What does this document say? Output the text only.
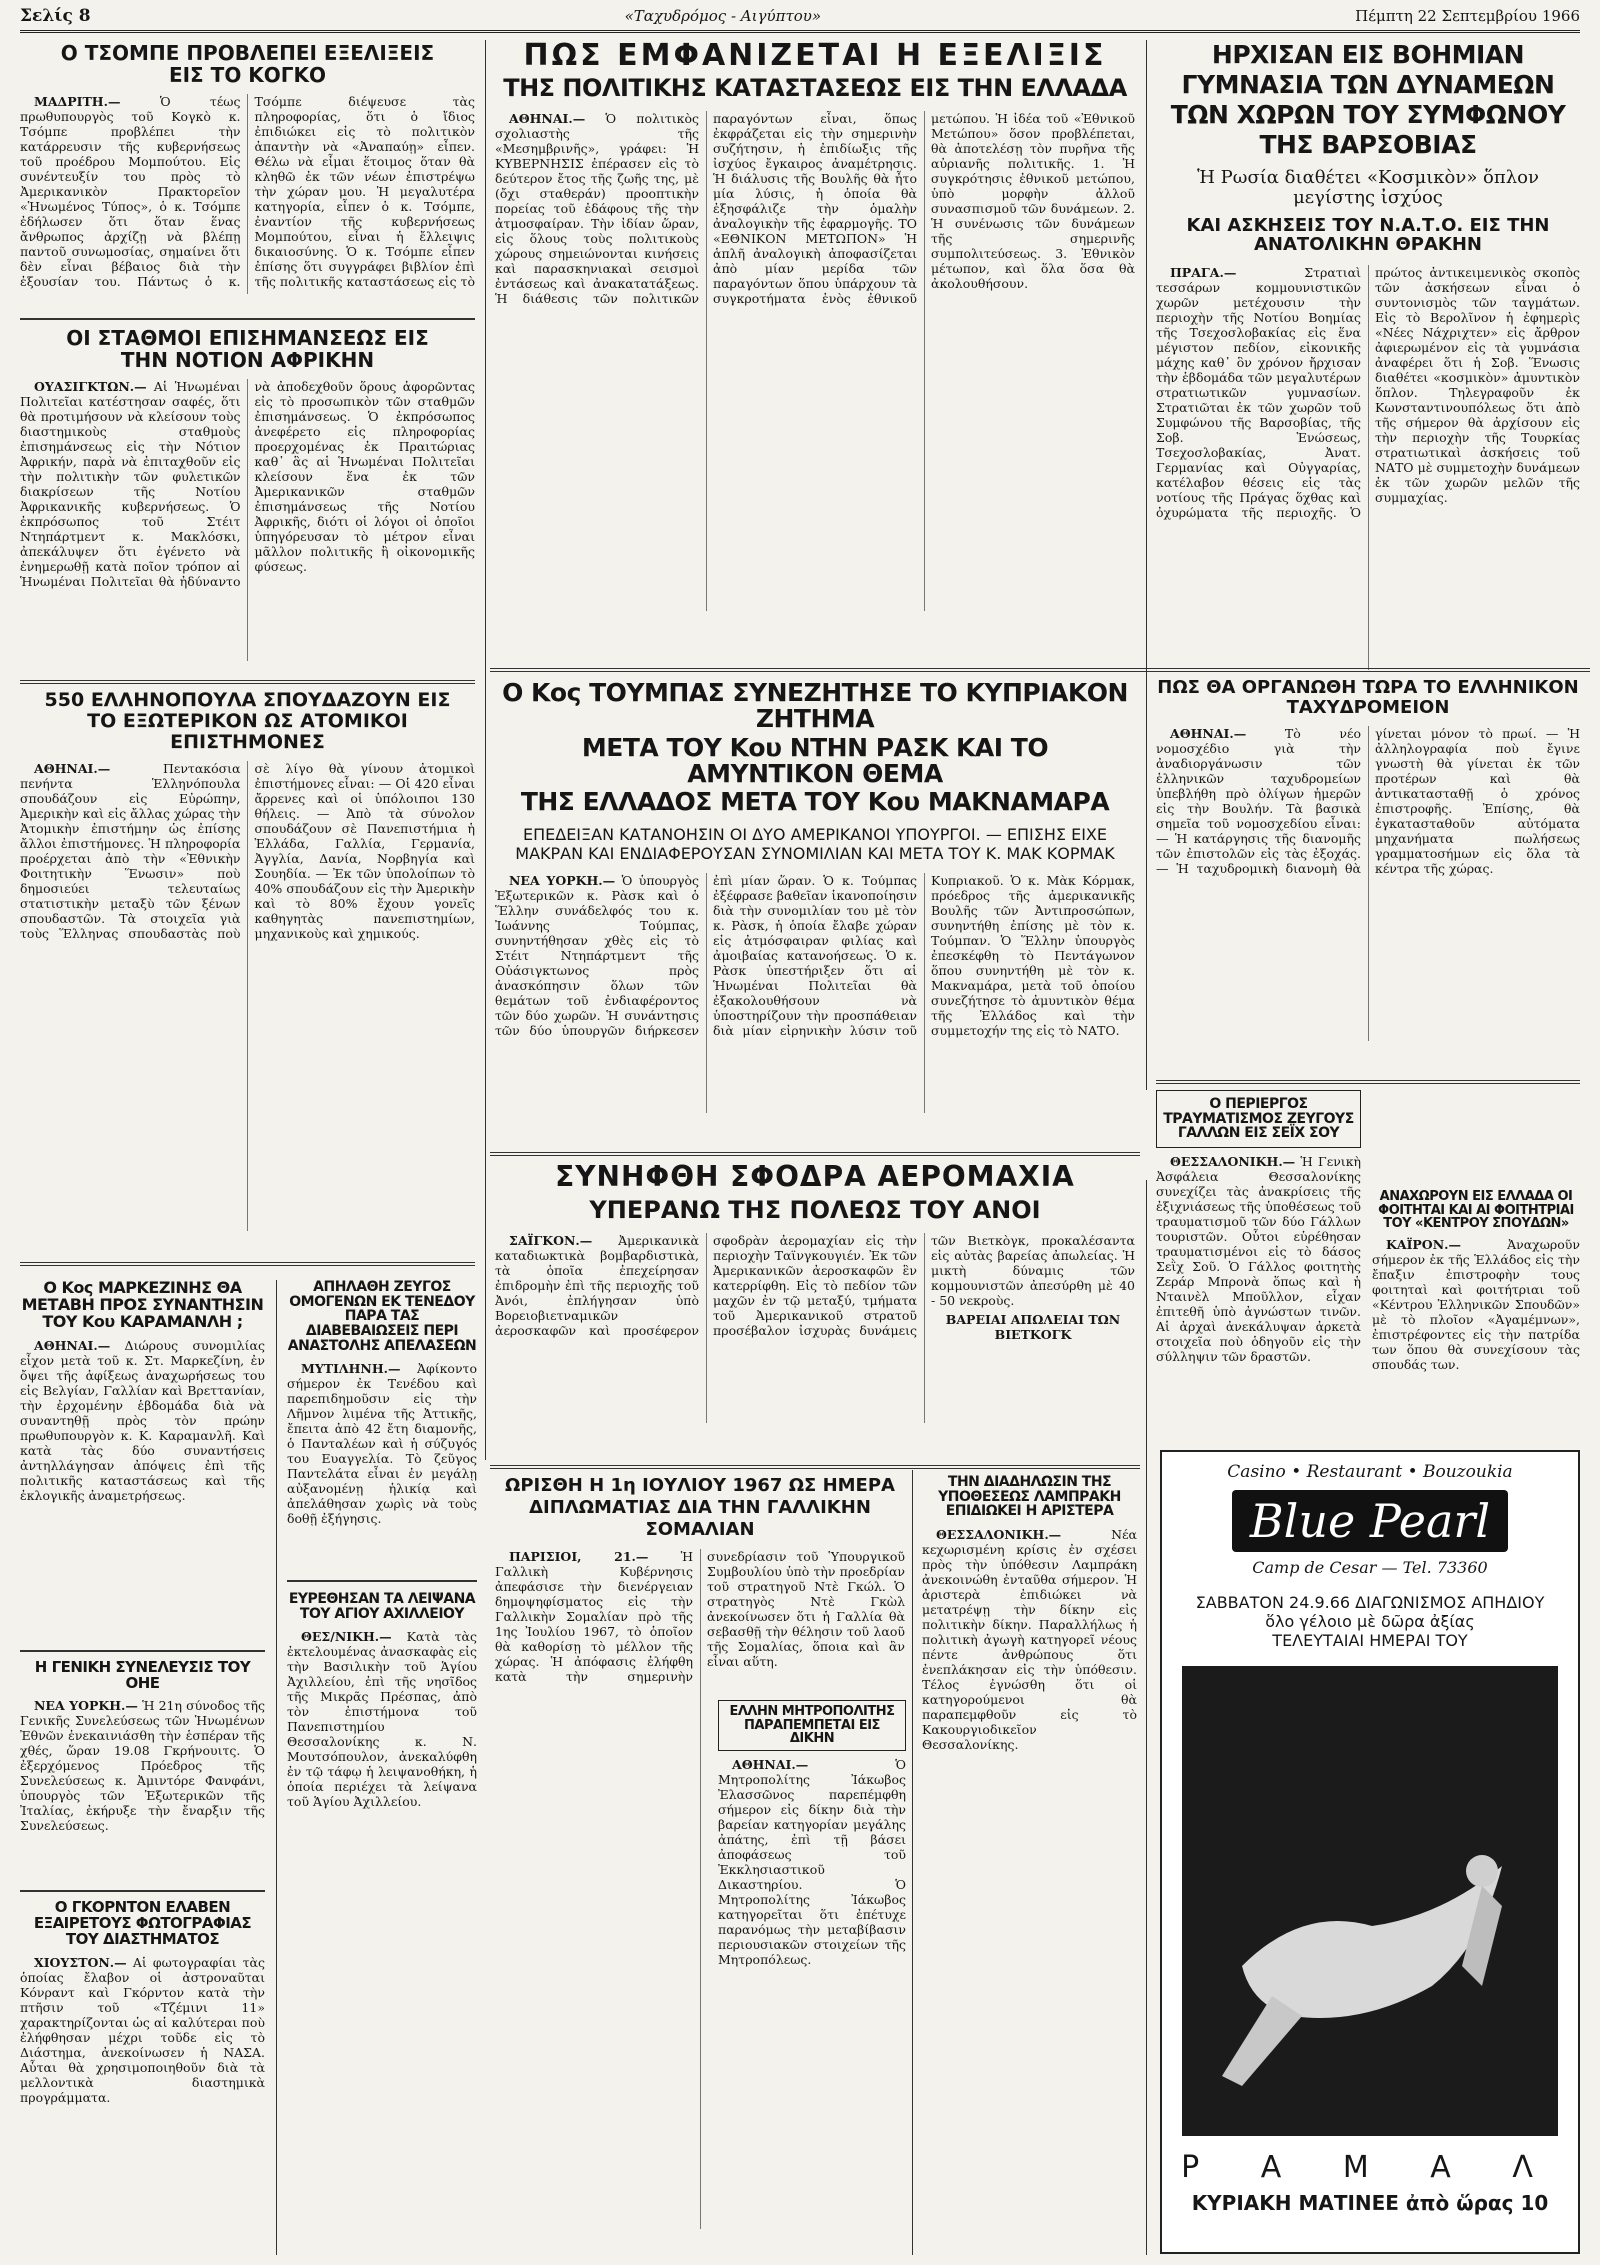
Σελίς 8	«Ταχυδρόμος - Αιγύπτου»	Πέμπτη 22 Σεπτεμβρίου 1966
Ο ΤΣΟΜΠΕ ΠΡΟΒΛΕΠΕΙ ΕΞΕΛΙΞΕΙΣ ΕΙΣ ΤΟ ΚΟΓΚΟ

ΜΑΔΡΙΤΗ.—	Ὁ τέως πρωθυπουργὸς τοῦ Κογκὸ κ. Τσόμπε προβλέπει τὴν κατάρρευσιν τῆς κυβερνήσεως τοῦ προέδρου Μομπούτου. Εἰς συνέντευξίν του πρὸς τὸ Ἀμερικανικὸν Πρακτορεῖον «Ἡνωμένος Τύπος», ὁ κ. Τσόμπε ἐδήλωσεν ὅτι ὅταν ἕνας ἄνθρωπος ἀρχίζῃ νὰ βλέπῃ παντοῦ συνωμοσίας, σημαίνει ὅτι δὲν εἶναι βέβαιος διὰ τὴν ἐξουσίαν του. Πάντως ὁ κ. Τσόμπε διέψευσε τὰς πληροφορίας, ὅτι ὁ ἴδιος ἐπιδιώκει εἰς τὸ πολιτικὸν ἀπαντὴν νὰ «Ἀναπαύῃ» εἶπεν. Θέλω νὰ εἶμαι ἕτοιμος ὅταν θὰ κληθῶ ἐκ τῶν νέων ἐπιστρέψω τὴν χώραν μου. Ἡ μεγαλυτέρα κατηγορία, εἶπεν ὁ κ. Τσόμπε, ἐναντίον τῆς κυβερνήσεως Μομπούτου, εἶναι ἡ ἔλλειψις δικαιοσύνης. Ὁ κ. Τσόμπε εἶπεν ἐπίσης ὅτι συγγράφει βιβλίον ἐπὶ τῆς πολιτικῆς καταστάσεως εἰς τὸ

ΟΙ ΣΤΑΘΜΟΙ ΕΠΙΣΗΜΑΝΣΕΩΣ ΕΙΣ ΤΗΝ ΝΟΤΙΟΝ ΑΦΡΙΚΗΝ

ΟΥΑΣΙΓΚΤΩΝ.— Αἱ Ἡνωμέναι Πολιτεῖαι κατέστησαν σαφές, ὅτι θὰ προτιμήσουν νὰ κλείσουν τοὺς διαστημικοὺς σταθμοὺς ἐπισημάνσεως εἰς τὴν Νότιον Ἀφρικήν, παρὰ νὰ ἐπιταχθοῦν εἰς τὴν πολιτικὴν τῶν φυλετικῶν διακρίσεων τῆς Νοτίου Ἀφρικανικῆς κυβερνήσεως. Ὁ ἐκπρόσωπος τοῦ Στέιτ Ντηπάρτμεντ κ. Μακλόσκι, ἀπεκάλυψεν ὅτι ἐγένετο νὰ ἐνημερωθῇ κατὰ ποῖον τρόπον αἱ Ἡνωμέναι Πολιτεῖαι θὰ ἠδύναντο νὰ ἀποδεχθοῦν ὅρους ἀφορῶντας εἰς τὸ προσωπικὸν τῶν σταθμῶν ἐπισημάνσεως. Ὁ ἐκπρόσωπος ἀνεφέρετο εἰς πληροφορίας προερχομένας ἐκ Πραιτώριας καθ᾽ ἃς αἱ Ἡνωμέναι Πολιτεῖαι κλείσουν ἕνα ἐκ τῶν Ἀμερικανικῶν σταθμῶν ἐπισημάνσεως τῆς Νοτίου Ἀφρικῆς, διότι οἱ λόγοι οἱ ὁποῖοι ὑπηγόρευσαν τὸ μέτρον εἶναι μᾶλλον πολιτικῆς ἢ οἰκονομικῆς φύσεως.

550 ΕΛΛΗΝΟΠΟΥΛΑ ΣΠΟΥΔΑΖΟΥΝ ΕΙΣ ΤΟ ΕΞΩΤΕΡΙΚΟΝ ΩΣ ΑΤΟΜΙΚΟΙ ΕΠΙΣΤΗΜΟΝΕΣ

ΑΘΗΝΑΙ.—	Πεντακόσια πενήντα Ἑλληνόπουλα σπουδάζουν εἰς Εὐρώπην, Ἀμερικὴν καὶ εἰς ἄλλας χώρας τὴν Ἀτομικὴν ἐπιστήμην ὡς ἐπίσης ἄλλοι ἐπιστήμονες. Ἡ πληροφορία προέρχεται ἀπὸ τὴν «Ἐθνικὴν Φοιτητικὴν Ἕνωσιν» ποὺ δημοσιεύει τελευταίως στατιστικὴν μεταξὺ τῶν ξένων σπουδαστῶν. Τὰ στοιχεῖα γιὰ τοὺς Ἕλληνας σπουδαστὰς ποὺ σὲ λίγο θὰ γίνουν ἀτομικοὶ ἐπιστήμονες εἶναι: — Οἱ 420 εἶναι ἄρρενες καὶ οἱ ὑπόλοιποι 130 θήλεις. — Ἀπὸ τὰ σύνολον σπουδάζουν σὲ Πανεπιστήμια ἡ Ἑλλάδα, Γαλλία, Γερμανία, Ἀγγλία, Δανία, Νορβηγία καὶ Σουηδία. — Ἐκ τῶν ὑπολοίπων τὸ 40% σπουδάζουν εἰς τὴν Ἀμερικὴν καὶ τὸ 80% ἔχουν γονεῖς καθηγητὰς πανεπιστημίων, μηχανικοὺς καὶ χημικούς.

Ο Κος ΜΑΡΚΕΖΙΝΗΣ ΘΑ ΜΕΤΑΒΗ ΠΡΟΣ ΣΥΝΑΝΤΗΣΙΝ ΤΟΥ Κου ΚΑΡΑΜΑΝΛΗ ;

ΑΘΗΝΑΙ.— Διώρους συνομιλίας εἶχον μετὰ τοῦ κ. Στ. Μαρκεζίνη, ἐν ὄψει τῆς ἀφίξεως ἀναχωρήσεως του εἰς Βελγίαν, Γαλλίαν καὶ Βρεττανίαν, τὴν ἐρχομένην ἑβδομάδα διὰ νὰ συναντηθῇ πρὸς τὸν πρώην πρωθυπουργὸν κ. Κ. Καραμανλῆ. Καὶ κατὰ τὰς δύο συναντήσεις ἀντηλλάγησαν ἀπόψεις ἐπὶ τῆς πολιτικῆς καταστάσεως καὶ τῆς ἐκλογικῆς ἀναμετρήσεως.

Η ΓΕΝΙΚΗ ΣΥΝΕΛΕΥΣΙΣ ΤΟΥ ΟΗΕ

ΝΕΑ ΥΟΡΚΗ.— Ἡ 21η σύνοδος τῆς Γενικῆς Συνελεύσεως τῶν Ἡνωμένων Ἐθνῶν ἐνεκαινιάσθη τὴν ἑσπέραν τῆς χθές, ὥραν 19.08 Γκρήνουιτς. Ὁ ἐξερχόμενος Πρόεδρος τῆς Συνελεύσεως κ. Ἀμιντόρε Φανφάνι, ὑπουργὸς τῶν Ἐξωτερικῶν τῆς Ἰταλίας, ἐκήρυξε τὴν ἔναρξιν τῆς Συνελεύσεως.

Ο ΓΚΟΡΝΤΟΝ ΕΛΑΒΕΝ ΕΞΑΙΡΕΤΟΥΣ ΦΩΤΟΓΡΑΦΙΑΣ ΤΟΥ ΔΙΑΣΤΗΜΑΤΟΣ

ΧΙΟΥΣΤΟΝ.— Αἱ φωτογραφίαι τὰς ὁποίας ἔλαβον οἱ ἀστροναῦται Κόνραντ καὶ Γκόρντον κατὰ τὴν πτῆσιν τοῦ «Τζέμινι 11» χαρακτηρίζονται ὡς αἱ καλύτεραι ποὺ ἐλήφθησαν μέχρι τοῦδε εἰς τὸ Διάστημα, ἀνεκοίνωσεν ἡ ΝΑΣΑ. Αὗται θὰ χρησιμοποιηθοῦν διὰ τὰ μελλοντικὰ διαστημικὰ προγράμματα.

ΑΠΗΛΑΘΗ ΖΕΥΓΟΣ ΟΜΟΓΕΝΩΝ ΕΚ ΤΕΝΕΔΟΥ ΠΑΡΑ ΤΑΣ ΔΙΑΒΕΒΑΙΩΣΕΙΣ ΠΕΡΙ ΑΝΑΣΤΟΛΗΣ ΑΠΕΛΑΣΕΩΝ

ΜΥΤΙΛΗΝΗ.— Ἀφίκοντο σήμερον ἐκ Τενέδου καὶ παρεπιδημοῦσιν εἰς τὴν Λῆμνον λιμένα τῆς Ἀττικῆς, ἔπειτα ἀπὸ 42 ἔτη διαμονῆς, ὁ Πανταλέων καὶ ἡ σύζυγός του Ευαγγελία. Τὸ ζεῦγος Παντελάτα εἶναι ἐν μεγάλῃ αὐξανομένῃ ἡλικίᾳ καὶ ἀπελάθησαν χωρὶς νὰ τοὺς δοθῇ ἐξήγησις.

ΕΥΡΕΘΗΣΑΝ ΤΑ ΛΕΙΨΑΝΑ ΤΟΥ ΑΓΙΟΥ ΑΧΙΛΛΕΙΟΥ

ΘΕΣ/ΝΙΚΗ.— Κατὰ τὰς ἐκτελουμένας ἀνασκαφὰς εἰς τὴν Βασιλικὴν τοῦ Ἁγίου Ἀχιλλείου, ἐπὶ τῆς νησῖδος τῆς Μικρᾶς Πρέσπας, ἀπὸ τὸν ἐπιστήμονα τοῦ Πανεπιστημίου Θεσσαλονίκης κ. Ν. Μουτσόπουλον, ἀνεκαλύφθη ἐν τῷ τάφῳ ἡ λειψανοθήκη, ἡ ὁποία περιέχει τὰ λείψανα τοῦ Ἁγίου Ἀχιλλείου.

ΠΩΣ ΕΜΦΑΝΙΖΕΤΑΙ Η ΕΞΕΛΙΞΙΣ
ΤΗΣ ΠΟΛΙΤΙΚΗΣ ΚΑΤΑΣΤΑΣΕΩΣ ΕΙΣ ΤΗΝ ΕΛΛΑΔΑ

ΑΘΗΝΑΙ.— Ὁ πολιτικὸς σχολιαστὴς τῆς «Μεσημβρινῆς», γράφει: Ἡ ΚΥΒΕΡΝΗΣΙΣ ἐπέρασεν εἰς τὸ δεύτερον ἔτος τῆς ζωῆς της, μὲ (ὄχι σταθεράν) προοπτικὴν πορείας τοῦ ἐδάφους τῆς τὴν ἀτμοσφαίραν. Τὴν ἰδίαν ὥραν, εἰς ὅλους τοὺς πολιτικοὺς χώρους σημειώνονται κινήσεις καὶ παρασκηνιακαὶ σεισμοὶ ἐντάσεως καὶ ἀνακατατάξεως. Ἡ διάθεσις τῶν πολιτικῶν παραγόντων εἶναι, ὅπως ἐκφράζεται εἰς τὴν σημερινὴν συζήτησιν, ἡ ἐπιδίωξις τῆς ἰσχύος ἔγκαιρος ἀναμέτρησις. Ἡ διάλυσις τῆς Βουλῆς θὰ ἦτο μία λύσις, ἡ ὁποία θὰ ἐξησφάλιζε τὴν ὁμαλὴν ἀναλογικὴν τῆς ἐφαρμογῆς. ΤΟ «ΕΘΝΙΚΟΝ ΜΕΤΩΠΟΝ» Ἡ ἁπλῆ ἀναλογικὴ ἀποφασίζεται ἀπὸ μίαν μερίδα τῶν παραγόντων ὅπου ὑπάρχουν τὰ συγκροτήματα ἑνὸς ἐθνικοῦ μετώπου. Ἡ ἰδέα τοῦ «Ἐθνικοῦ Μετώπου» ὅσον προβλέπεται, θὰ ἀποτελέσῃ τὸν πυρῆνα τῆς αὐριανῆς πολιτικῆς. 1. Ἡ συγκρότησις ἐθνικοῦ μετώπου, ὑπὸ μορφὴν ἀλλοῦ συνασπισμοῦ τῶν δυνάμεων. 2. Ἡ συνένωσις τῶν δυνάμεων τῆς σημερινῆς συμπολιτεύσεως. 3. Ἐθνικὸν μέτωπον, καὶ ὅλα ὅσα θὰ ἀκολουθήσουν.

Ο Κος ΤΟΥΜΠΑΣ ΣΥΝΕΖΗΤΗΣΕ ΤΟ ΚΥΠΡΙΑΚΟΝ ΖΗΤΗΜΑ
ΜΕΤΑ ΤΟΥ Κου ΝΤΗΝ ΡΑΣΚ ΚΑΙ ΤΟ ΑΜΥΝΤΙΚΟΝ ΘΕΜΑ
ΤΗΣ ΕΛΛΑΔΟΣ ΜΕΤΑ ΤΟΥ Κου ΜΑΚΝΑΜΑΡΑ
ΕΠΕΔΕΙΞΑΝ ΚΑΤΑΝΟΗΣΙΝ ΟΙ ΔΥΟ ΑΜΕΡΙΚΑΝΟΙ ΥΠΟΥΡΓΟΙ. — ΕΠΙΣΗΣ ΕΙΧΕ ΜΑΚΡΑΝ ΚΑΙ ΕΝΔΙΑΦΕΡΟΥΣΑΝ ΣΥΝΟΜΙΛΙΑΝ ΚΑΙ ΜΕΤΑ ΤΟΥ Κ. ΜΑΚ ΚΟΡΜΑΚ

ΝΕΑ ΥΟΡΚΗ.— Ὁ ὑπουργὸς Ἐξωτερικῶν κ. Ρὰσκ καὶ ὁ Ἕλλην συνάδελφός του κ. Ἰωάννης Τούμπας, συνηντήθησαν χθὲς εἰς τὸ Στέιτ Ντηπάρτμεντ τῆς Οὐάσιγκτωνος πρὸς ἀνασκόπησιν ὅλων τῶν θεμάτων τοῦ ἐνδιαφέροντος τῶν δύο χωρῶν. Ἡ συνάντησις τῶν δύο ὑπουργῶν διήρκεσεν ἐπὶ μίαν ὥραν. Ὁ κ. Τούμπας ἐξέφρασε βαθεῖαν ἱκανοποίησιν διὰ τὴν συνομιλίαν του μὲ τὸν κ. Ρὰσκ, ἡ ὁποία ἔλαβε χώραν εἰς ἀτμόσφαιραν φιλίας καὶ ἀμοιβαίας κατανοήσεως. Ὁ κ. Ρὰσκ ὑπεστήριξεν ὅτι αἱ Ἡνωμέναι Πολιτεῖαι θὰ ἐξακολουθήσουν νὰ ὑποστηρίζουν τὴν προσπάθειαν διὰ μίαν εἰρηνικὴν λύσιν τοῦ Κυπριακοῦ. Ὁ κ. Μὰκ Κόρμακ, πρόεδρος τῆς ἀμερικανικῆς Βουλῆς τῶν Ἀντιπροσώπων, συνηντήθη ἐπίσης μὲ τὸν κ. Τούμπαν. Ὁ Ἕλλην ὑπουργὸς ἐπεσκέφθη τὸ Πεντάγωνον ὅπου συνηντήθη μὲ τὸν κ. Μακναμάρα, μετὰ τοῦ ὁποίου συνεζήτησε τὸ ἀμυντικὸν θέμα τῆς Ἑλλάδος καὶ τὴν συμμετοχήν της εἰς τὸ ΝΑΤΟ.

ΣΥΝΗΦΘΗ ΣΦΟΔΡΑ ΑΕΡΟΜΑΧΙΑ
ΥΠΕΡΑΝΩ ΤΗΣ ΠΟΛΕΩΣ ΤΟΥ ΑΝΟΙ

ΣΑΪΓΚΟΝ.— Ἀμερικανικὰ καταδιωκτικὰ βομβαρδιστικὰ, τὰ ὁποῖα ἐπεχείρησαν ἐπιδρομὴν ἐπὶ τῆς περιοχῆς τοῦ Ἀνόι, ἐπλήγησαν ὑπὸ Βορειοβιετναμικῶν ἀεροσκαφῶν καὶ προσέφερον σφοδρὰν ἀερομαχίαν εἰς τὴν περιοχὴν Ταϊνγκουγιέν. Ἐκ τῶν Ἀμερικανικῶν ἀεροσκαφῶν ἓν κατερρίφθη. Εἰς τὸ πεδίον τῶν μαχῶν ἐν τῷ μεταξύ, τμήματα τοῦ Ἀμερικανικοῦ στρατοῦ προσέβαλον ἰσχυρὰς δυνάμεις τῶν Βιετκὸγκ, προκαλέσαντα εἰς αὐτὰς βαρείας ἀπωλείας. Ἡ μικτὴ δύναμις τῶν κομμουνιστῶν ἀπεσύρθη μὲ 40 - 50 νεκροὺς.

ΒΑΡΕΙΑΙ ΑΠΩΛΕΙΑΙ ΤΩΝ ΒΙΕΤΚΟΓΚ

ΩΡΙΣΘΗ Η 1η ΙΟΥΛΙΟΥ 1967 ΩΣ ΗΜΕΡΑ ΔΙΠΛΩΜΑΤΙΑΣ ΔΙΑ ΤΗΝ ΓΑΛΛΙΚΗΝ ΣΟΜΑΛΙΑΝ

ΠΑΡΙΣΙΟΙ, 21.—	Ἡ Γαλλικὴ Κυβέρνησις ἀπεφάσισε τὴν διενέργειαν δημοψηφίσματος εἰς τὴν Γαλλικὴν Σομαλίαν πρὸ τῆς 1ης Ἰουλίου 1967, τὸ ὁποῖον θὰ καθορίσῃ τὸ μέλλον τῆς χώρας. Ἡ ἀπόφασις ἐλήφθη κατὰ τὴν σημερινὴν συνεδρίασιν τοῦ Ὑπουργικοῦ Συμβουλίου ὑπὸ τὴν προεδρίαν τοῦ στρατηγοῦ Ντὲ Γκώλ. Ὁ στρατηγὸς Ντὲ Γκὼλ ἀνεκοίνωσεν ὅτι ἡ Γαλλία θὰ σεβασθῇ τὴν θέλησιν τοῦ λαοῦ τῆς Σομαλίας, ὅποια καὶ ἂν εἶναι αὕτη.

ΕΛΛΗΝ ΜΗΤΡΟΠΟΛΙΤΗΣ ΠΑΡΑΠΕΜΠΕΤΑΙ ΕΙΣ ΔΙΚΗΝ

ΑΘΗΝΑΙ.—	Ὁ Μητροπολίτης Ἰάκωβος Ἐλασσῶνος παρεπέμφθη σήμερον εἰς δίκην διὰ τὴν βαρείαν κατηγορίαν μεγάλης ἀπάτης, ἐπὶ τῇ βάσει ἀποφάσεως τοῦ Ἐκκλησιαστικοῦ Δικαστηρίου. Ὁ Μητροπολίτης Ἰάκωβος κατηγορεῖται ὅτι ἐπέτυχε παρανόμως τὴν μεταβίβασιν περιουσιακῶν στοιχείων τῆς Μητροπόλεως.

ΤΗΝ ΔΙΑΔΗΛΩΣΙΝ ΤΗΣ ΥΠΟΘΕΣΕΩΣ ΛΑΜΠΡΑΚΗ ΕΠΙΔΙΩΚΕΙ Η ΑΡΙΣΤΕΡΑ

ΘΕΣΣΑΛΟΝΙΚΗ.—	Νέα κεχωρισμένη κρίσις ἐν σχέσει πρὸς τὴν ὑπόθεσιν Λαμπράκη ἀνεκοινώθη ἐνταῦθα σήμερον. Ἡ ἀριστερὰ ἐπιδιώκει νὰ μετατρέψῃ τὴν δίκην εἰς πολιτικὴν δίκην. Παραλλήλως ἡ πολιτικὴ ἀγωγὴ κατηγορεῖ νέους πέντε ἀνθρώπους ὅτι ἐνεπλάκησαν εἰς τὴν ὑπόθεσιν. Τέλος ἐγνώσθη ὅτι οἱ κατηγορούμενοι θὰ παραπεμφθοῦν εἰς τὸ Κακουργιοδικεῖον Θεσσαλονίκης.

ΗΡΧΙΣΑΝ ΕΙΣ ΒΟΗΜΙΑΝ ΓΥΜΝΑΣΙΑ ΤΩΝ ΔΥΝΑΜΕΩΝ ΤΩΝ ΧΩΡΩΝ ΤΟΥ ΣΥΜΦΩΝΟΥ ΤΗΣ ΒΑΡΣΟΒΙΑΣ
Ἡ Ρωσία διαθέτει «Κοσμικὸν» ὅπλον μεγίστης ἰσχύος
ΚΑΙ ΑΣΚΗΣΕΙΣ ΤΟΥ Ν.Α.Τ.Ο. ΕΙΣ ΤΗΝ ΑΝΑΤΟΛΙΚΗΝ ΘΡΑΚΗΝ

ΠΡΑΓΑ.—	Στρατιαὶ τεσσάρων κομμουνιστικῶν χωρῶν μετέχουσιν τὴν περιοχὴν τῆς Νοτίου Βοημίας τῆς Τσεχοσλοβακίας εἰς ἕνα μέγιστον πεδίον, εἰκονικῆς μάχης καθ᾽ ὃν χρόνον ἤρχισαν τὴν ἑβδομάδα τῶν μεγαλυτέρων στρατιωτικῶν γυμνασίων. Στρατιῶται ἐκ τῶν χωρῶν τοῦ Συμφώνου τῆς Βαρσοβίας, τῆς Σοβ. Ἑνώσεως, Τσεχοσλοβακίας, Ἀνατ. Γερμανίας καὶ Οὐγγαρίας, κατέλαβον θέσεις εἰς τὰς νοτίους τῆς Πράγας ὅχθας καὶ ὀχυρώματα τῆς περιοχῆς. Ὁ πρώτος ἀντικειμενικὸς σκοπὸς τῶν ἀσκήσεων εἶναι ὁ συντονισμὸς τῶν ταγμάτων. Εἰς τὸ Βερολῖνον ἡ ἐφημερὶς «Νέες Νάχριχτεν» εἰς ἄρθρον ἀφιερωμένον εἰς τὰ γυμνάσια ἀναφέρει ὅτι ἡ Σοβ. Ἕνωσις διαθέτει «κοσμικὸν» ἀμυντικὸν ὅπλον. Τηλεγραφοῦν ἐκ Κωνσταντινουπόλεως ὅτι ἀπὸ τῆς σήμερον θὰ ἀρχίσουν εἰς τὴν περιοχὴν τῆς Τουρκίας στρατιωτικαὶ ἀσκήσεις τοῦ ΝΑΤΟ μὲ συμμετοχὴν δυνάμεων ἐκ τῶν χωρῶν μελῶν τῆς συμμαχίας.

ΠΩΣ ΘΑ ΟΡΓΑΝΩΘΗ ΤΩΡΑ ΤΟ ΕΛΛΗΝΙΚΟΝ ΤΑΧΥΔΡΟΜΕΙΟΝ

ΑΘΗΝΑΙ.—	Τὸ νέο νομοσχέδιο γιὰ τὴν ἀναδιοργάνωσιν τῶν ἑλληνικῶν ταχυδρομείων ὑπεβλήθη πρὸ ὀλίγων ἡμερῶν εἰς τὴν Βουλήν. Τὰ βασικὰ σημεῖα τοῦ νομοσχεδίου εἶναι: — Ἡ κατάργησις τῆς διανομῆς τῶν ἐπιστολῶν εἰς τὰς ἐξοχάς. — Ἡ ταχυδρομικὴ διανομὴ θὰ γίνεται μόνον τὸ πρωί. — Ἡ ἀλληλογραφία ποὺ ἔγινε γνωστὴ θὰ γίνεται ἐκ τῶν προτέρων καὶ θὰ ἀντικατασταθῇ ὁ χρόνος ἐπιστροφῆς. Ἐπίσης, θὰ ἐγκατασταθοῦν αὐτόματα μηχανήματα πωλήσεως γραμματοσήμων εἰς ὅλα τὰ κέντρα τῆς χώρας.

Ο ΠΕΡΙΕΡΓΟΣ ΤΡΑΥΜΑΤΙΣΜΟΣ ΖΕΥΓΟΥΣ ΓΑΛΛΩΝ ΕΙΣ ΣΕΪΧ ΣΟΥ

ΘΕΣΣΑΛΟΝΙΚΗ.— Ἡ Γενικὴ Ἀσφάλεια Θεσσαλονίκης συνεχίζει τὰς ἀνακρίσεις τῆς ἐξιχνιάσεως τῆς ὑποθέσεως τοῦ τραυματισμοῦ τῶν δύο Γάλλων τουριστῶν. Οὗτοι εὑρέθησαν τραυματισμένοι εἰς τὸ δάσος Σεῒχ Σοῦ. Ὁ Γάλλος φοιτητὴς Ζεράρ Μπρονὰ ὅπως καὶ ἡ Νταινὲλ Μποῦλλον, εἶχαν ἐπιτεθῆ ὑπὸ ἀγνώστων τινῶν. Αἱ ἀρχαὶ ἀνεκάλυψαν ἀρκετὰ στοιχεῖα ποὺ ὁδηγοῦν εἰς τὴν σύλληψιν τῶν δραστῶν.

ΑΝΑΧΩΡΟΥΝ ΕΙΣ ΕΛΛΑΔΑ ΟΙ ΦΟΙΤΗΤΑΙ ΚΑΙ ΑΙ ΦΟΙΤΗΤΡΙΑΙ ΤΟΥ «ΚΕΝΤΡΟΥ ΣΠΟΥΔΩΝ»

ΚΑΪΡΟΝ.—	Ἀναχωροῦν σήμερον ἐκ τῆς Ἑλλάδος εἰς τὴν ἔπαξιν ἐπιστροφὴν τους φοιτηταὶ καὶ φοιτήτριαι τοῦ «Κέντρου Ἑλληνικῶν Σπουδῶν» μὲ τὸ πλοῖον «Ἀγαμέμνων», ἐπιστρέφοντες εἰς τὴν πατρίδα των ὅπου θὰ συνεχίσουν τὰς σπουδάς των.

Casino • Restaurant • Bouzoukia
Blue Pearl
Camp de Cesar — Tel. 73360
ΣΑΒΒΑΤΟΝ 24.9.66 ΔΙΑΓΩΝΙΣΜΟΣ ΑΠΗΔΙΟΥ
ὅλο γέλοιο μὲ δῶρα ἀξίας
ΤΕΛΕΥΤΑΙΑΙ ΗΜΕΡΑΙ ΤΟΥ
Ρ Α Μ Α Λ
ΚΥΡΙΑΚΗ ΜΑΤΙΝΕΕ ἀπὸ ὥρας 10
